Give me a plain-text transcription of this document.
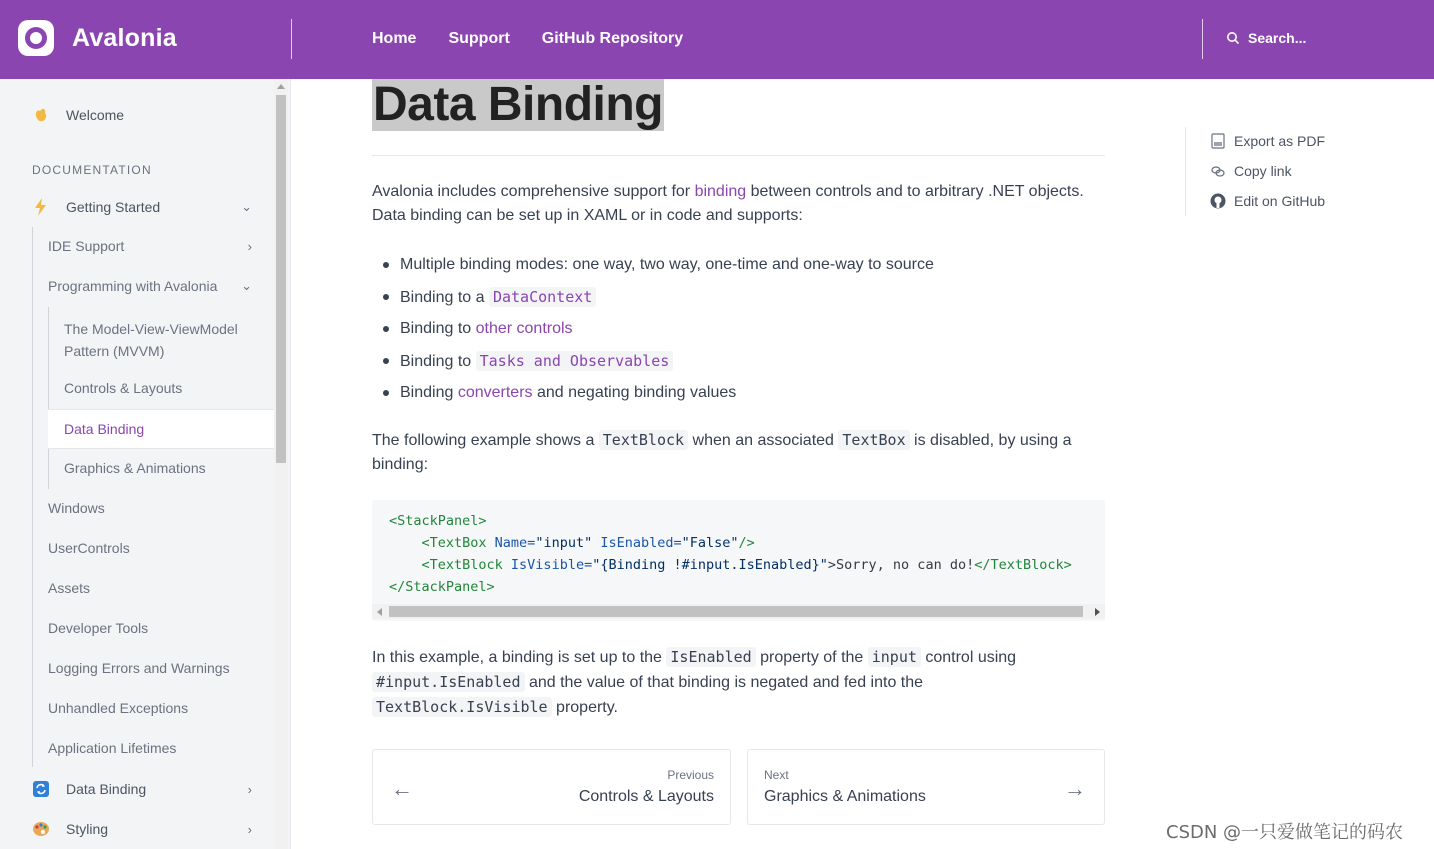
Avalonia	Home Support GitHub Repository	Search...
Welcome
DOCUMENTATION
Getting Started	⌄
IDE Support	›
Programming with Avalonia ⌄
The Model-View-ViewModel Pattern (MVVM)
Controls & Layouts
Data Binding
Graphics & Animations
Windows
UserControls
Assets
Developer Tools
Logging Errors and Warnings
Unhandled Exceptions
Application Lifetimes
Data Binding	›
Styling	›
Data Binding

Avalonia includes comprehensive support for binding between controls and to arbitrary .NET objects. Data binding can be set up in XAML or in code and supports:

Multiple binding modes: one way, two way, one-time and one-way to source
Binding to a DataContext
Binding to other controls
Binding to Tasks and Observables
Binding converters and negating binding values

The following example shows a TextBlock when an associated TextBox is disabled, by using a binding:

<StackPanel>
<TextBox Name="input" IsEnabled="False"/>
<TextBlock IsVisible="{Binding !#input.IsEnabled}">Sorry, no can do!</TextBlock>
</StackPanel>

In this example, a binding is set up to the IsEnabled property of the input control using
#input.IsEnabled and the value of that binding is negated and fed into the
TextBlock.IsVisible property.

←
Previous
Controls & Layouts
Next
Graphics & Animations	→
Export as PDF
Copy link
Edit on GitHub
CSDN @一只爱做笔记的码农
